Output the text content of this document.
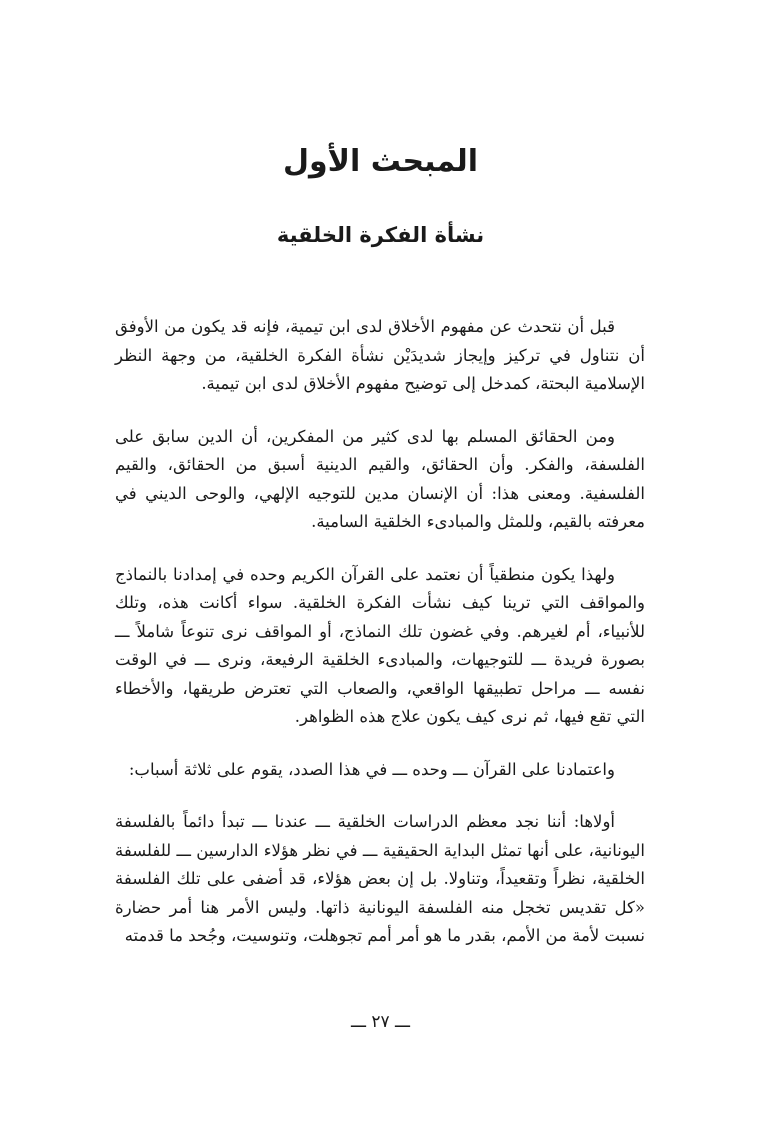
المبحث الأول
نشأة الفكرة الخلقية

قبل أن نتحدث عن مفهوم الأخلاق لدى ابن تيمية، فإنه قد يكون من الأوفق أن نتناول في تركيز وإيجاز شديدَيْن نشأة الفكرة الخلقية، من وجهة النظر الإسلامية البحتة، كمدخل إلى توضيح مفهوم الأخلاق لدى ابن تيمية.

ومن الحقائق المسلم بها لدى كثير من المفكرين، أن الدين سابق على الفلسفة، والفكر. وأن الحقائق، والقيم الدينية أسبق من الحقائق، والقيم الفلسفية. ومعنى هذا: أن الإنسان مدين للتوجيه الإلهي، والوحى الديني في معرفته بالقيم، وللمثل والمبادىء الخلقية السامية.

ولهذا يكون منطقياً أن نعتمد على القرآن الكريم وحده في إمدادنا بالنماذج والمواقف التي ترينا كيف نشأت الفكرة الخلقية. سواء أكانت هذه، وتلك للأنبياء، أم لغيرهم. وفي غضون تلك النماذج، أو المواقف نرى تنوعاً شاملاً ـــ بصورة فريدة ـــ للتوجيهات، والمبادىء الخلقية الرفيعة، ونرى ـــ في الوقت نفسه ـــ مراحل تطبيقها الواقعي، والصعاب التي تعترض طريقها، والأخطاء التي تقع فيها، ثم نرى كيف يكون علاج هذه الظواهر.

واعتمادنا على القرآن ـــ وحده ـــ في هذا الصدد، يقوم على ثلاثة أسباب:

أولاها: أننا نجد معظم الدراسات الخلقية ـــ عندنا ـــ تبدأ دائماً بالفلسفة اليونانية، على أنها تمثل البداية الحقيقية ـــ في نظر هؤلاء الدارسين ـــ للفلسفة الخلقية، نظراً وتقعيداً، وتناولا. بل إن بعض هؤلاء، قد أضفى على تلك الفلسفة «كل تقديس تخجل منه الفلسفة اليونانية ذاتها. وليس الأمر هنا أمر حضارة نسبت لأمة من الأمم، بقدر ما هو أمر أمم تجوهلت، وتنوسيت، وجُحد ما قدمته

ـــ ٢٧ ـــ
